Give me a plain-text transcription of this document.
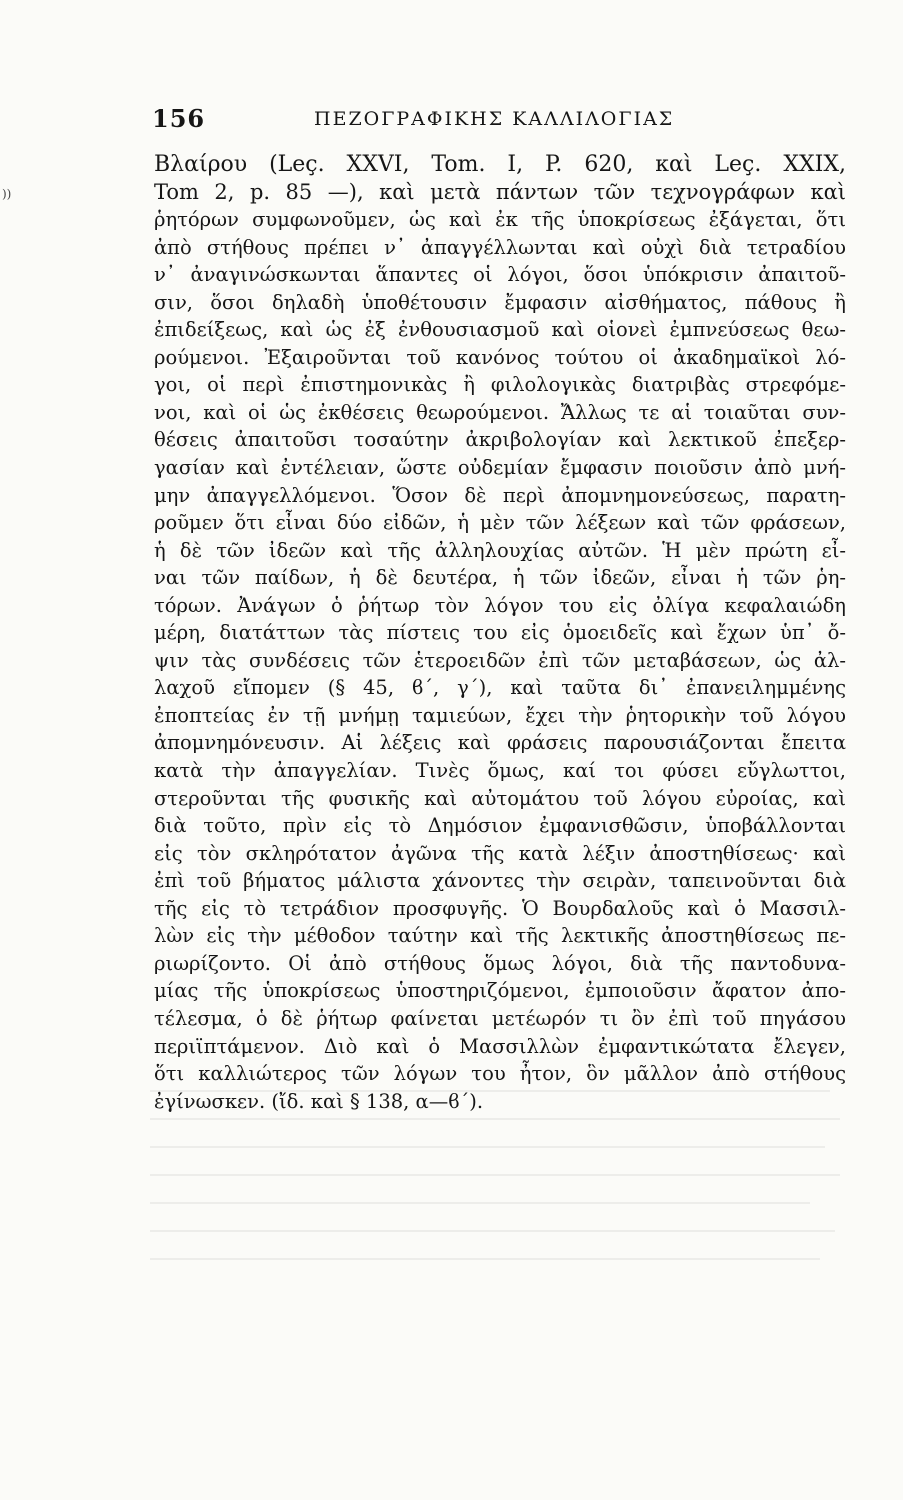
))
156	ΠΕΖΟΓΡΑΦΙΚΗΣ ΚΑΛΛΙΛΟΓΙΑΣ
Βλαίρου (Leç. XXVI, Tom. I, P. 620, καὶ Leç. XXIX,
Tom 2, p. 85 —), καὶ μετὰ πάντων τῶν τεχνογράφων καὶ
ῥητόρων συμφωνοῦμεν, ὡς καὶ ἐκ τῆς ὑποκρίσεως ἐξάγεται, ὅτι
ἀπὸ στήθους πρέπει ν᾽ ἀπαγγέλλωνται καὶ οὐχὶ διὰ τετραδίου
ν᾽ ἀναγινώσκωνται ἅπαντες οἱ λόγοι, ὅσοι ὑπόκρισιν ἀπαιτοῦ-
σιν, ὅσοι δηλαδὴ ὑποθέτουσιν ἔμφασιν αἰσθήματος, πάθους ἢ
ἐπιδείξεως, καὶ ὡς ἐξ ἐνθουσιασμοῦ καὶ οἱονεὶ ἐμπνεύσεως θεω-
ρούμενοι. Ἐξαιροῦνται τοῦ κανόνος τούτου οἱ ἀκαδημαϊκοὶ λό-
γοι, οἱ περὶ ἐπιστημονικὰς ἢ φιλολογικὰς διατριβὰς στρεφόμε-
νοι, καὶ οἱ ὡς ἐκθέσεις θεωρούμενοι. Ἄλλως τε αἱ τοιαῦται συν-
θέσεις ἀπαιτοῦσι τοσαύτην ἀκριβολογίαν καὶ λεκτικοῦ ἐπεξερ-
γασίαν καὶ ἐντέλειαν, ὥστε οὐδεμίαν ἔμφασιν ποιοῦσιν ἀπὸ μνή-
μην ἀπαγγελλόμενοι. Ὅσον δὲ περὶ ἀπομνημονεύσεως, παρατη-
ροῦμεν ὅτι εἶναι δύο εἰδῶν, ἡ μὲν τῶν λέξεων καὶ τῶν φράσεων,
ἡ δὲ τῶν ἰδεῶν καὶ τῆς ἀλληλουχίας αὐτῶν. Ἡ μὲν πρώτη εἶ-
ναι τῶν παίδων, ἡ δὲ δευτέρα, ἡ τῶν ἰδεῶν, εἶναι ἡ τῶν ῥη-
τόρων. Ἀνάγων ὁ ῥήτωρ τὸν λόγον του εἰς ὀλίγα κεφαλαιώδη
μέρη, διατάττων τὰς πίστεις του εἰς ὁμοειδεῖς καὶ ἔχων ὑπ᾽ ὄ-
ψιν τὰς συνδέσεις τῶν ἑτεροειδῶν ἐπὶ τῶν μεταβάσεων, ὡς ἀλ-
λαχοῦ εἴπομεν (§ 45, ϐ΄, γ΄), καὶ ταῦτα δι᾽ ἐπανειλημμένης
ἐποπτείας ἐν τῇ μνήμῃ ταμιεύων, ἔχει τὴν ῥητορικὴν τοῦ λόγου
ἀπομνημόνευσιν. Αἱ λέξεις καὶ φράσεις παρουσιάζονται ἔπειτα
κατὰ τὴν ἀπαγγελίαν. Τινὲς ὅμως, καί τοι φύσει εὔγλωττοι,
στεροῦνται τῆς φυσικῆς καὶ αὐτομάτου τοῦ λόγου εὐροίας, καὶ
διὰ τοῦτο, πρὶν εἰς τὸ Δημόσιον ἐμφανισθῶσιν, ὑποβάλλονται
εἰς τὸν σκληρότατον ἀγῶνα τῆς κατὰ λέξιν ἀποστηθίσεως· καὶ
ἐπὶ τοῦ βήματος μάλιστα χάνοντες τὴν σειρὰν, ταπεινοῦνται διὰ
τῆς εἰς τὸ τετράδιον προσφυγῆς. Ὁ Βουρδαλοῦς καὶ ὁ Μασσιλ-
λὼν εἰς τὴν μέθοδον ταύτην καὶ τῆς λεκτικῆς ἀποστηθίσεως πε-
ριωρίζοντο. Οἱ ἀπὸ στήθους ὅμως λόγοι, διὰ τῆς παντοδυνα-
μίας τῆς ὑποκρίσεως ὑποστηριζόμενοι, ἐμποιοῦσιν ἄφατον ἀπο-
τέλεσμα, ὁ δὲ ῥήτωρ φαίνεται μετέωρόν τι ὂν ἐπὶ τοῦ πηγάσου
περιϊπτάμενον. Διὸ καὶ ὁ Μασσιλλὼν ἐμφαντικώτατα ἔλεγεν,
ὅτι καλλιώτερος τῶν λόγων του ἦτον, ὃν μᾶλλον ἀπὸ στήθους
ἐγίνωσκεν. (ἴδ. καὶ § 138, α—ϐ΄).
